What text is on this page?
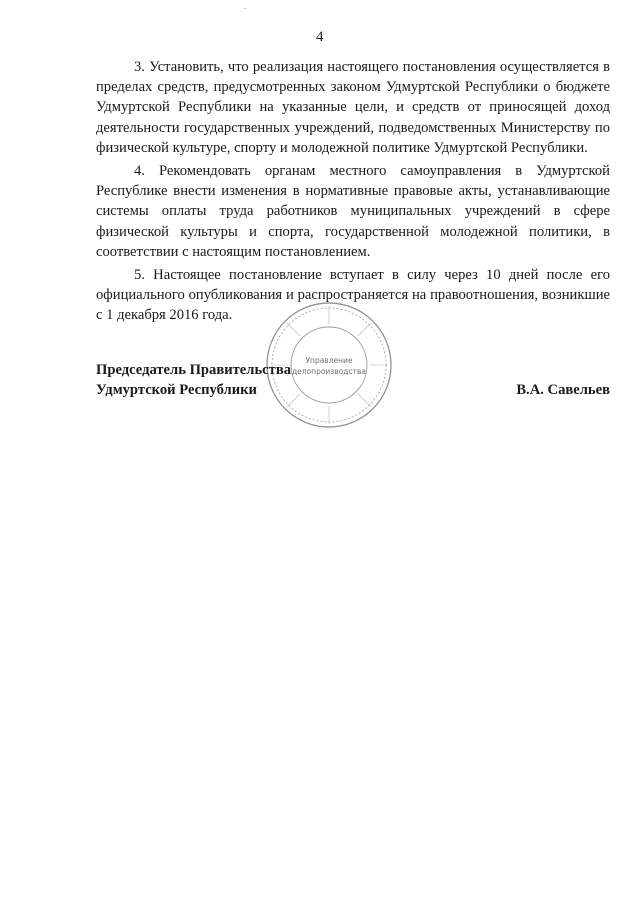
4

3. Установить, что реализация настоящего постановления осуществляется в пределах средств, предусмотренных законом Удмуртской Республики о бюджете Удмуртской Республики на указанные цели, и средств от приносящей доход деятельности государственных учреждений, подведомственных Министерству по физической культуре, спорту и молодежной политике Удмуртской Республики.

4. Рекомендовать органам местного самоуправления в Удмуртской Республике внести изменения в нормативные правовые акты, устанавливающие системы оплаты труда работников муниципальных учреждений в сфере физической культуры и спорта, государственной молодежной политики, в соответствии с настоящим постановлением.

5. Настоящее постановление вступает в силу через 10 дней после его официального опубликования и распространяется на правоотношения, возникшие с 1 декабря 2016 года.

Управление
делопроизводства
Председатель Правительства
Удмуртской Республики	В.А. Савельев
